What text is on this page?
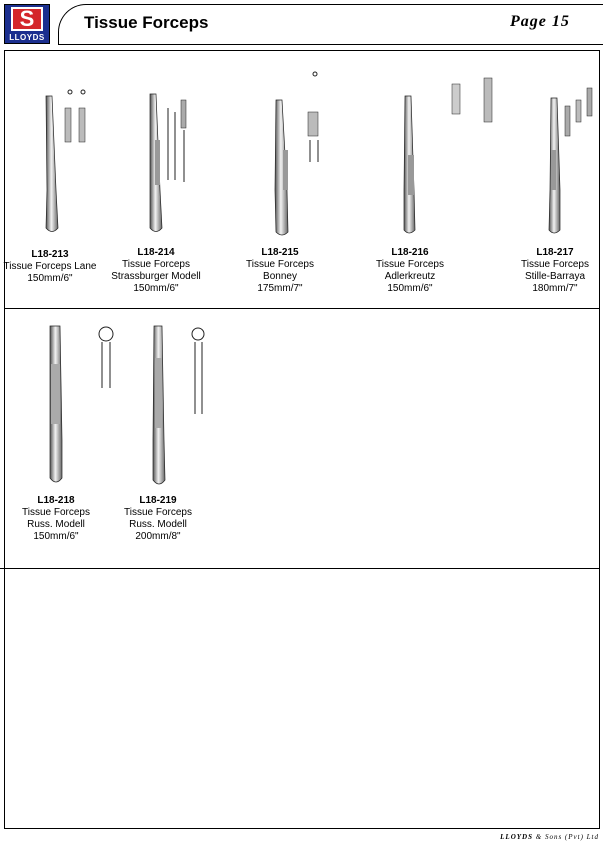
S
LLOYDS
Tissue Forceps	Page 15
L18-213
Tissue Forceps Lane
150mm/6"
L18-214
Tissue Forceps
Strassburger Modell
150mm/6"
L18-215
Tissue Forceps
Bonney
175mm/7"
L18-216
Tissue Forceps
Adlerkreutz
150mm/6"
L18-217
Tissue Forceps
Stille-Barraya
180mm/7"
L18-218
Tissue Forceps
Russ. Modell
150mm/6"
L18-219
Tissue Forceps
Russ. Modell
200mm/8"
LLOYDS & Sons (Pvt) Ltd
